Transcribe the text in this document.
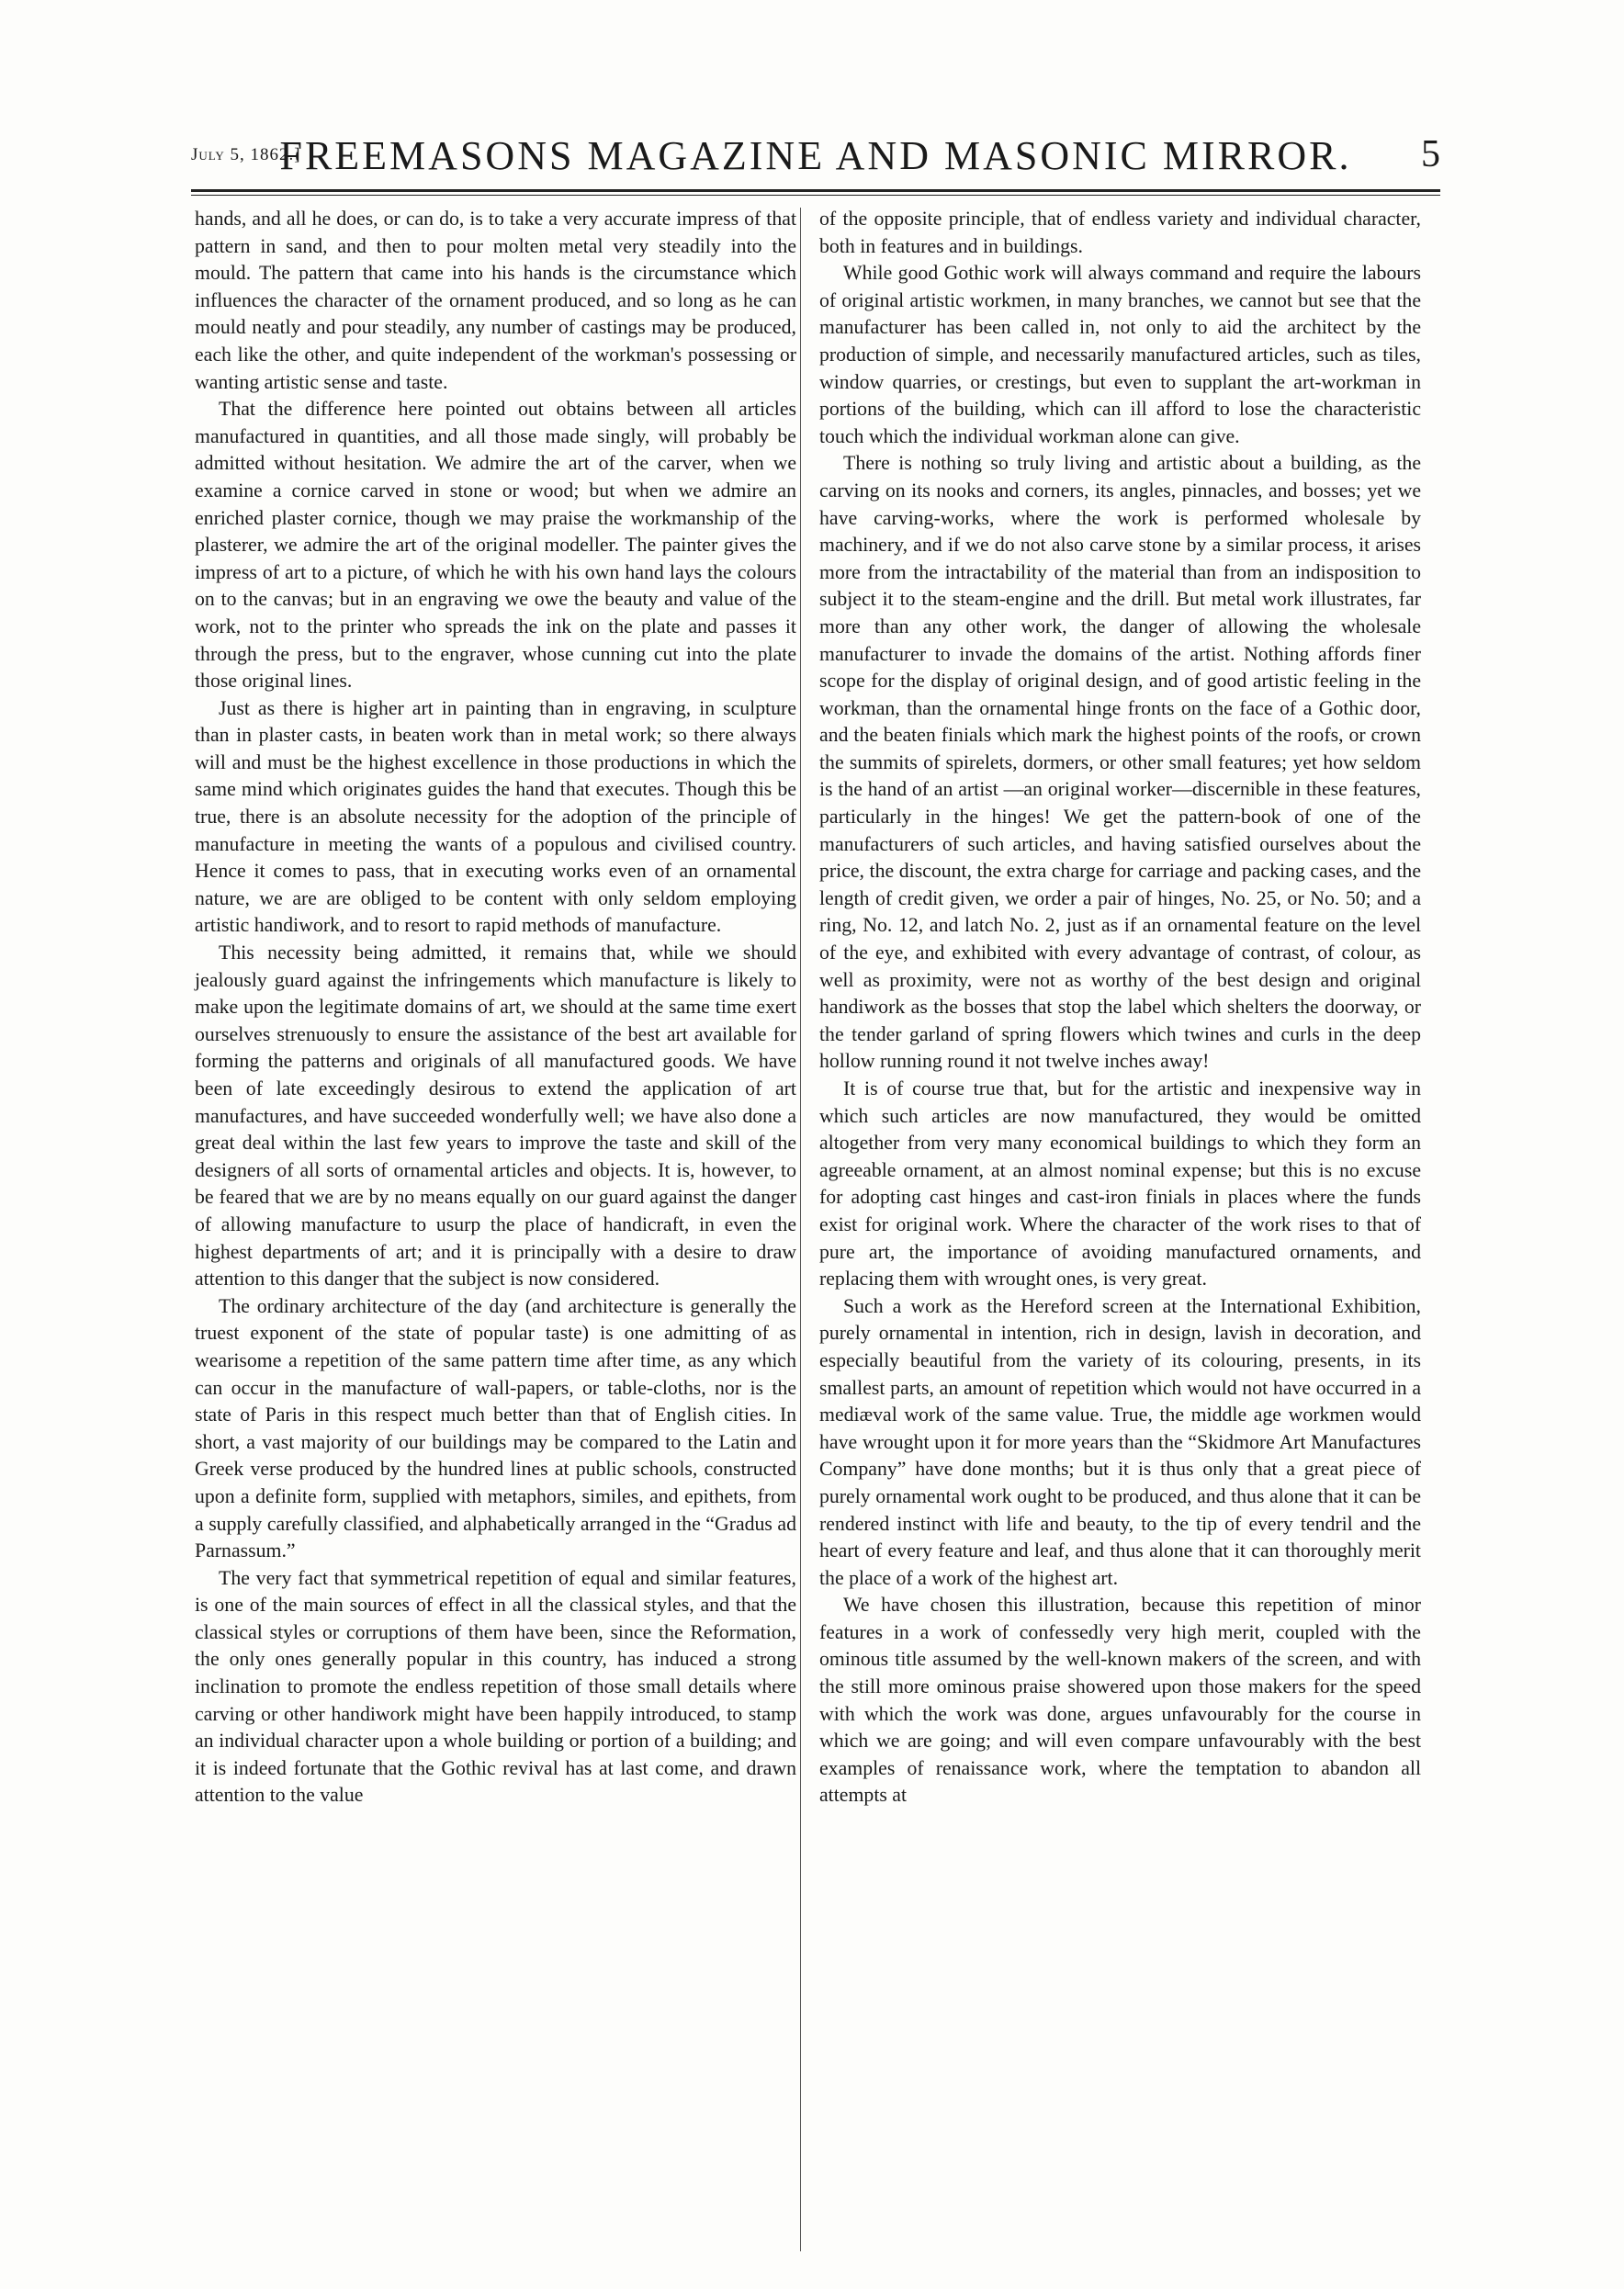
July 5, 1862.]
FREEMASONS MAGAZINE AND MASONIC MIRROR.	5

hands, and all he does, or can do, is to take a very accurate impress of that pattern in sand, and then to pour molten metal very steadily into the mould. The pattern that came into his hands is the circumstance which influences the character of the ornament produced, and so long as he can mould neatly and pour steadily, any number of castings may be produced, each like the other, and quite independent of the workman's possessing or wanting artistic sense and taste.

That the difference here pointed out obtains between all articles manufactured in quantities, and all those made singly, will probably be admitted without hesitation. We admire the art of the carver, when we examine a cornice carved in stone or wood; but when we admire an enriched plaster cornice, though we may praise the workmanship of the plasterer, we admire the art of the original modeller. The painter gives the impress of art to a picture, of which he with his own hand lays the colours on to the canvas; but in an engraving we owe the beauty and value of the work, not to the printer who spreads the ink on the plate and passes it through the press, but to the engraver, whose cunning cut into the plate those original lines.

Just as there is higher art in painting than in engraving, in sculpture than in plaster casts, in beaten work than in metal work; so there always will and must be the highest excellence in those productions in which the same mind which originates guides the hand that executes. Though this be true, there is an absolute necessity for the adoption of the principle of manufacture in meeting the wants of a populous and civilised country. Hence it comes to pass, that in executing works even of an ornamental nature, we are are obliged to be content with only seldom employing artistic handiwork, and to resort to rapid methods of manufacture.

This necessity being admitted, it remains that, while we should jealously guard against the infringements which manufacture is likely to make upon the legitimate domains of art, we should at the same time exert ourselves strenuously to ensure the assistance of the best art available for forming the patterns and originals of all manufactured goods. We have been of late exceedingly desirous to extend the application of art manufactures, and have succeeded wonderfully well; we have also done a great deal within the last few years to improve the taste and skill of the designers of all sorts of ornamental articles and objects. It is, however, to be feared that we are by no means equally on our guard against the danger of allowing manufacture to usurp the place of handicraft, in even the highest departments of art; and it is principally with a desire to draw attention to this danger that the subject is now considered.

The ordinary architecture of the day (and architecture is generally the truest exponent of the state of popular taste) is one admitting of as wearisome a repetition of the same pattern time after time, as any which can occur in the manufacture of wall-papers, or table-cloths, nor is the state of Paris in this respect much better than that of English cities. In short, a vast majority of our buildings may be compared to the Latin and Greek verse produced by the hundred lines at public schools, constructed upon a definite form, supplied with metaphors, similes, and epithets, from a supply carefully classified, and alphabetically arranged in the “Gradus ad Parnassum.”

The very fact that symmetrical repetition of equal and similar features, is one of the main sources of effect in all the classical styles, and that the classical styles or corruptions of them have been, since the Reformation, the only ones generally popular in this country, has induced a strong inclination to promote the endless repetition of those small details where carving or other handiwork might have been happily introduced, to stamp an individual character upon a whole building or portion of a building; and it is indeed fortunate that the Gothic revival has at last come, and drawn attention to the value

of the opposite principle, that of endless variety and individual character, both in features and in buildings.

While good Gothic work will always command and require the labours of original artistic workmen, in many branches, we cannot but see that the manufacturer has been called in, not only to aid the architect by the production of simple, and necessarily manufactured articles, such as tiles, window quarries, or crestings, but even to supplant the art-workman in portions of the building, which can ill afford to lose the characteristic touch which the individual workman alone can give.

There is nothing so truly living and artistic about a building, as the carving on its nooks and corners, its angles, pinnacles, and bosses; yet we have carving-works, where the work is performed wholesale by machinery, and if we do not also carve stone by a similar process, it arises more from the intractability of the material than from an indisposition to subject it to the steam-engine and the drill. But metal work illustrates, far more than any other work, the danger of allowing the wholesale manufacturer to invade the domains of the artist. Nothing affords finer scope for the display of original design, and of good artistic feeling in the workman, than the ornamental hinge fronts on the face of a Gothic door, and the beaten finials which mark the highest points of the roofs, or crown the summits of spirelets, dormers, or other small features; yet how seldom is the hand of an artist —an original worker—discernible in these features, particularly in the hinges! We get the pattern-book of one of the manufacturers of such articles, and having satisfied ourselves about the price, the discount, the extra charge for carriage and packing cases, and the length of credit given, we order a pair of hinges, No. 25, or No. 50; and a ring, No. 12, and latch No. 2, just as if an ornamental feature on the level of the eye, and exhibited with every advantage of contrast, of colour, as well as proximity, were not as worthy of the best design and original handiwork as the bosses that stop the label which shelters the doorway, or the tender garland of spring flowers which twines and curls in the deep hollow running round it not twelve inches away!

It is of course true that, but for the artistic and inexpensive way in which such articles are now manufactured, they would be omitted altogether from very many economical buildings to which they form an agreeable ornament, at an almost nominal expense; but this is no excuse for adopting cast hinges and cast-iron finials in places where the funds exist for original work. Where the character of the work rises to that of pure art, the importance of avoiding manufactured ornaments, and replacing them with wrought ones, is very great.

Such a work as the Hereford screen at the International Exhibition, purely ornamental in intention, rich in design, lavish in decoration, and especially beautiful from the variety of its colouring, presents, in its smallest parts, an amount of repetition which would not have occurred in a mediæval work of the same value. True, the middle age workmen would have wrought upon it for more years than the “Skidmore Art Manufactures Company” have done months; but it is thus only that a great piece of purely ornamental work ought to be produced, and thus alone that it can be rendered instinct with life and beauty, to the tip of every tendril and the heart of every feature and leaf, and thus alone that it can thoroughly merit the place of a work of the highest art.

We have chosen this illustration, because this repetition of minor features in a work of confessedly very high merit, coupled with the ominous title assumed by the well-known makers of the screen, and with the still more ominous praise showered upon those makers for the speed with which the work was done, argues unfavourably for the course in which we are going; and will even compare unfavourably with the best examples of renaissance work, where the temptation to abandon all attempts at
